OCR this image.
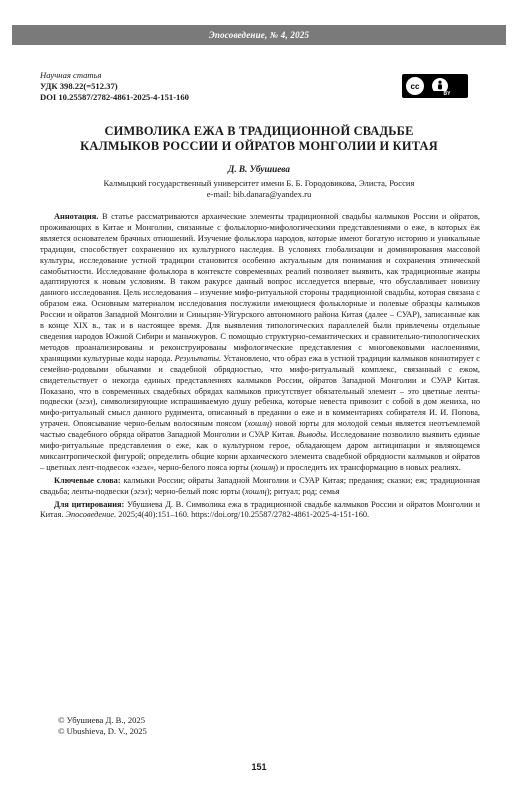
Эпосоведение, № 4, 2025
Научная статья
УДК 398.22(=512.37)
DOI 10.25587/2782-4861-2025-4-151-160
cc
BY
СИМВОЛИКА ЕЖА В ТРАДИЦИОННОЙ СВАДЬБЕ
КАЛМЫКОВ РОССИИ И ОЙРАТОВ МОНГОЛИИ И КИТАЯ
Д. В. Убушиева
Калмыцкий государственный университет имени Б. Б. Городовикова, Элиста, Россия
e-mail: bib.danara@yandex.ru

Аннотация. В статье рассматриваются архаические элементы традиционной свадьбы калмыков России и ойратов, проживающих в Китае и Монголии, связанные с фольклорно-мифологическими представлениями о еже, в которых ёж является основателем брачных отношений. Изучение фольклора народов, которые имеют богатую историю и уникальные традиции, способствует сохранению их культурного наследия. В условиях глобализации и доминирования массовой культуры, исследование устной традиции становится особенно актуальным для понимания и сохранения этнической самобытности. Исследование фольклора в контексте современных реалий позволяет выявить, как традиционные жанры адаптируются к новым условиям. В таком ракурсе данный вопрос исследуется впервые, что обуславливает новизну данного исследования. Цель исследования – изучение мифо-ритуальной стороны традиционной свадьбы, которая связана с образом ежа. Основным материалом исследования послужили имеющиеся фольклорные и полевые образцы калмыков России и ойратов Западной Монголии и Синьцзян-Уйгурского автономного района Китая (далее – СУАР), записанные как в конце XIX в., так и в настоящее время. Для выявления типологических параллелей были привлечены отдельные сведения народов Южной Сибири и маньчжуров. С помощью структурно-семантических и сравнительно-типологических методов проанализированы и реконструированы мифологические представления с многовековыми наслоениями, хранящими культурные коды народа. Результаты. Установлено, что образ ежа в устной традиции калмыков коннотирует с семейно-родовыми обычаями и свадебной обрядностью, что мифо-ритуальный комплекс, связанный с ежом, свидетельствует о некогда единых представлениях калмыков России, ойратов Западной Монголии и СУАР Китая. Показано, что в современных свадебных обрядах калмыков присутствует обязательный элемент – это цветные ленты-подвески (эгэл), символизирующие испрашиваемую душу ребенка, которые невеста привозит с собой в дом жениха, но мифо-ритуальный смысл данного рудимента, описанный в предании о еже и в комментариях собирателя И. И. Попова, утрачен. Опоясывание черно-белым волосяным поясом (хошлң) новой юрты для молодой семьи является неотъемлемой частью свадебного обряда ойратов Западной Монголии и СУАР Китая. Выводы. Исследование позволило выявить единые мифо-ритуальные представления о еже, как о культурном герое, обладающем даром антиципации и являющемся миксантропической фигурой; определить общие корни архаического элемента свадебной обрядности калмыков и ойратов – цветных лент-подвесок «эгэл», черно-белого пояса юрты (хошлң) и проследить их трансформацию в новых реалиях.

Ключевые слова: калмыки России; ойраты Западной Монголии и СУАР Китая; предания; сказки; еж; традиционная свадьба; ленты-подвески (эгэл); черно-белый пояс юрты (хошлң); ритуал; род; семья

Для цитирования: Убушиева Д. В. Символика ежа в традиционной свадьбе калмыков России и ойратов Монголии и Китая. Эпосоведение. 2025;4(40):151–160. https://doi.org/10.25587/2782-4861-2025-4-151-160.

© Убушиева Д. В., 2025
© Ubushieva, D. V., 2025
151
